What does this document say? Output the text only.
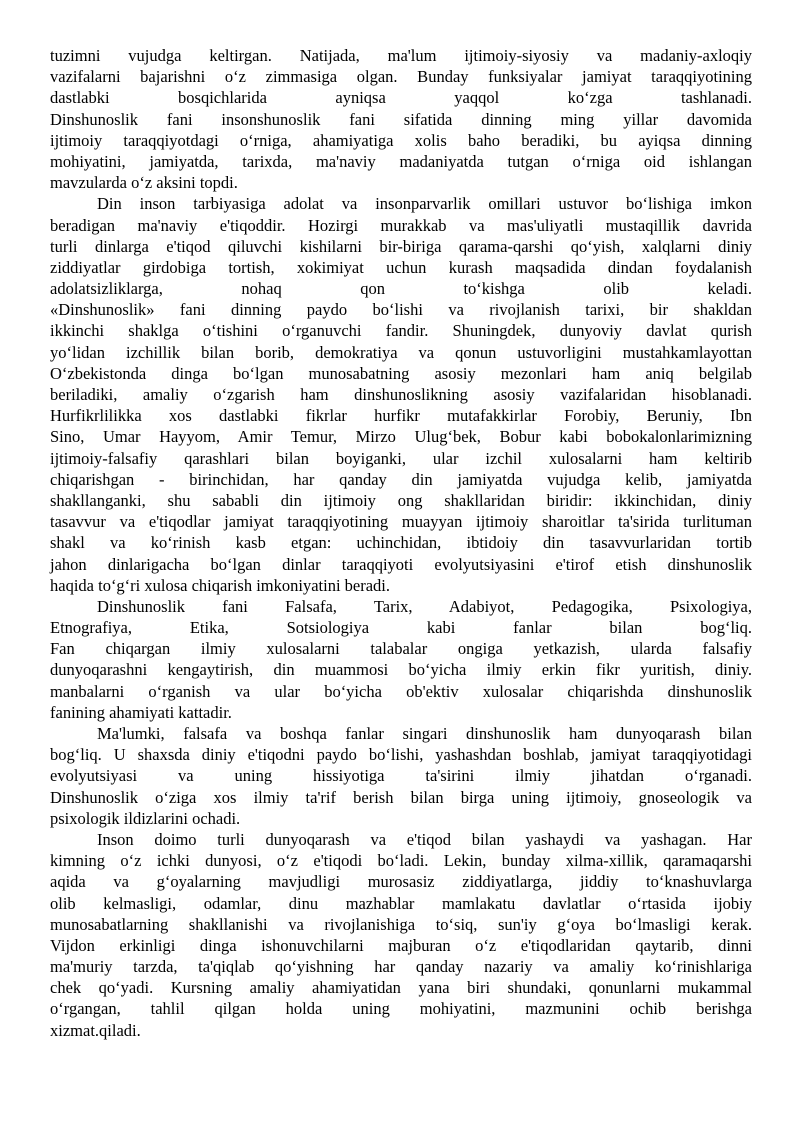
tuzimni vujudga keltirgan. Natijada, ma'lum ijtimoiy-siyosiy va madaniy-axloqiy
vazifalarni bajarishni o‘z zimmasiga olgan. Bunday funksiyalar jamiyat taraqqiyotining
dastlabki bosqichlarida ayniqsa yaqqol ko‘zga tashlanadi.
Dinshunoslik fani insonshunoslik fani sifatida dinning ming yillar davomida
ijtimoiy taraqqiyotdagi o‘rniga, ahamiyatiga xolis baho beradiki, bu ayiqsa dinning
mohiyatini, jamiyatda, tarixda, ma'naviy madaniyatda tutgan o‘rniga oid ishlangan
mavzularda o‘z aksini topdi.
Din inson tarbiyasiga adolat va insonparvarlik omillari ustuvor bo‘lishiga imkon
beradigan ma'naviy e'tiqoddir. Hozirgi murakkab va mas'uliyatli mustaqillik davrida
turli dinlarga e'tiqod qiluvchi kishilarni bir-biriga qarama-qarshi qo‘yish, xalqlarni diniy
ziddiyatlar girdobiga tortish, xokimiyat uchun kurash maqsadida dindan foydalanish
adolatsizliklarga, nohaq qon to‘kishga olib keladi.
«Dinshunoslik» fani dinning paydo bo‘lishi va rivojlanish tarixi, bir shakldan
ikkinchi shaklga o‘tishini o‘rganuvchi fandir. Shuningdek, dunyoviy davlat qurish
yo‘lidan izchillik bilan borib, demokratiya va qonun ustuvorligini mustahkamlayottan
O‘zbekistonda dinga bo‘lgan munosabatning asosiy mezonlari ham aniq belgilab
beriladiki, amaliy o‘zgarish ham dinshunoslikning asosiy vazifalaridan hisoblanadi.
Hurfikrlilikka xos dastlabki fikrlar hurfikr mutafakkirlar Forobiy, Beruniy, Ibn
Sino, Umar Hayyom, Amir Temur, Mirzo Ulug‘bek, Bobur kabi bobokalonlarimizning
ijtimoiy-falsafiy qarashlari bilan boyiganki, ular izchil xulosalarni ham keltirib
chiqarishgan - birinchidan, har qanday din jamiyatda vujudga kelib, jamiyatda
shakllanganki, shu sababli din ijtimoiy ong shakllaridan biridir: ikkinchidan, diniy
tasavvur va e'tiqodlar jamiyat taraqqiyotining muayyan ijtimoiy sharoitlar ta'sirida turlituman
shakl va ko‘rinish kasb etgan: uchinchidan, ibtidoiy din tasavvurlaridan tortib
jahon dinlarigacha bo‘lgan dinlar taraqqiyoti evolyutsiyasini e'tirof etish dinshunoslik
haqida to‘g‘ri xulosa chiqarish imkoniyatini beradi.
Dinshunoslik fani Falsafa, Tarix, Adabiyot, Pedagogika, Psixologiya,
Etnografiya, Etika, Sotsiologiya kabi fanlar bilan bog‘liq.
Fan chiqargan ilmiy xulosalarni talabalar ongiga yetkazish, ularda falsafiy
dunyoqarashni kengaytirish, din muammosi bo‘yicha ilmiy erkin fikr yuritish, diniy.
manbalarni o‘rganish va ular bo‘yicha ob'ektiv xulosalar chiqarishda dinshunoslik
fanining ahamiyati kattadir.
Ma'lumki, falsafa va boshqa fanlar singari dinshunoslik ham dunyoqarash bilan
bog‘liq. U shaxsda diniy e'tiqodni paydo bo‘lishi, yashashdan boshlab, jamiyat taraqqiyotidagi
evolyutsiyasi va uning hissiyotiga ta'sirini ilmiy jihatdan o‘rganadi.
Dinshunoslik o‘ziga xos ilmiy ta'rif berish bilan birga uning ijtimoiy, gnoseologik va
psixologik ildizlarini ochadi.
Inson doimo turli dunyoqarash va e'tiqod bilan yashaydi va yashagan. Har
kimning o‘z ichki dunyosi, o‘z e'tiqodi bo‘ladi. Lekin, bunday xilma-xillik, qaramaqarshi
aqida va g‘oyalarning mavjudligi murosasiz ziddiyatlarga, jiddiy to‘knashuvlarga
olib kelmasligi, odamlar, dinu mazhablar mamlakatu davlatlar o‘rtasida ijobiy
munosabatlarning shakllanishi va rivojlanishiga to‘siq, sun'iy g‘oya bo‘lmasligi kerak.
Vijdon erkinligi dinga ishonuvchilarni majburan o‘z e'tiqodlaridan qaytarib, dinni
ma'muriy tarzda, ta'qiqlab qo‘yishning har qanday nazariy va amaliy ko‘rinishlariga
chek qo‘yadi. Kursning amaliy ahamiyatidan yana biri shundaki, qonunlarni mukammal
o‘rgangan, tahlil qilgan holda uning mohiyatini, mazmunini ochib berishga
xizmat.qiladi.
